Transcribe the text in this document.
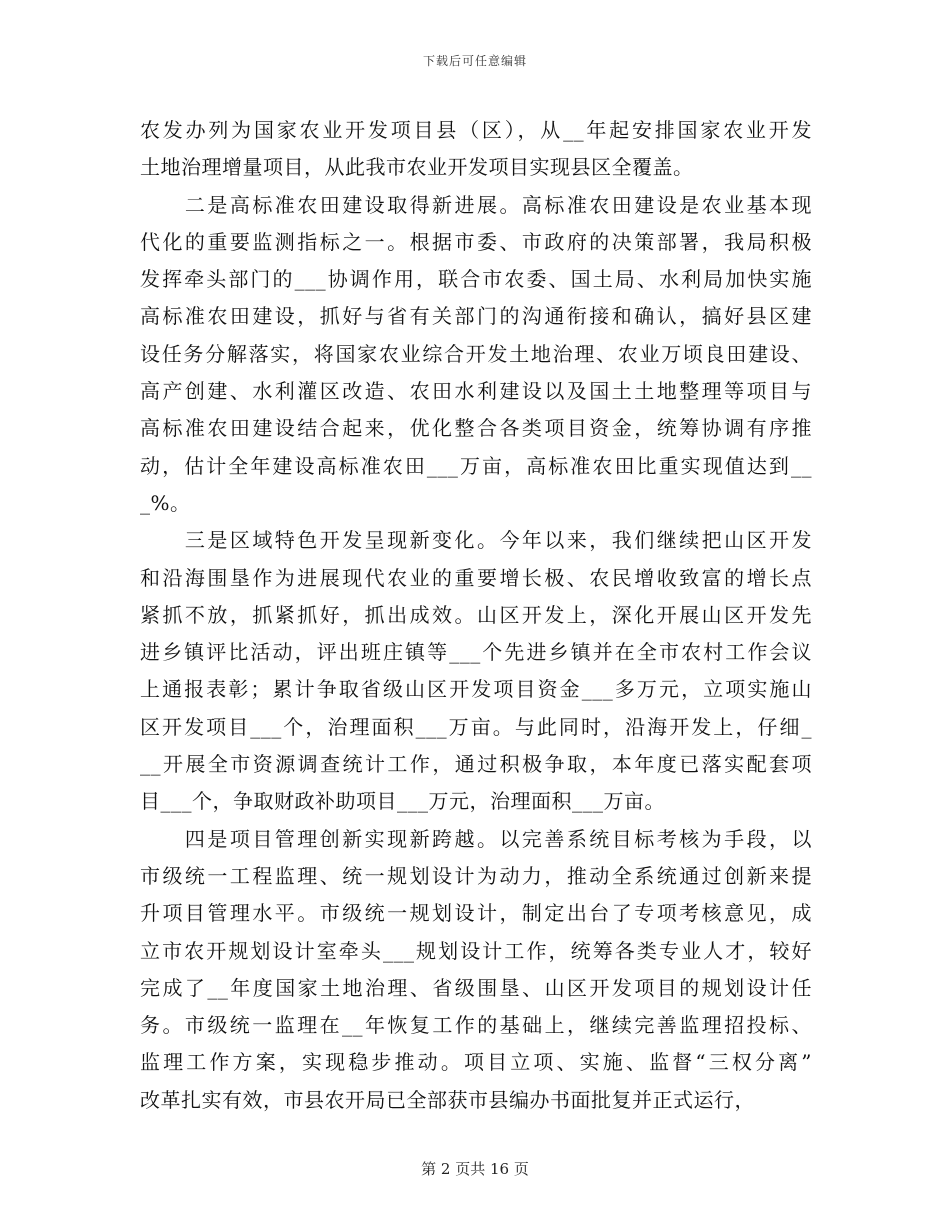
下载后可任意编辑
农发办列为国家农业开发项目县（区），从__年起安排国家农业开发
土地治理增量项目，从此我市农业开发项目实现县区全覆盖。
　　二是高标准农田建设取得新进展。高标准农田建设是农业基本现
代化的重要监测指标之一。根据市委、市政府的决策部署，我局积极
发挥牵头部门的___协调作用，联合市农委、国土局、水利局加快实施
高标准农田建设，抓好与省有关部门的沟通衔接和确认，搞好县区建
设任务分解落实，将国家农业综合开发土地治理、农业万顷良田建设、
高产创建、水利灌区改造、农田水利建设以及国土土地整理等项目与
高标准农田建设结合起来，优化整合各类项目资金，统筹协调有序推
动，估计全年建设高标准农田___万亩，高标准农田比重实现值达到__
_%。
　　三是区域特色开发呈现新变化。今年以来，我们继续把山区开发
和沿海围垦作为进展现代农业的重要增长极、农民增收致富的增长点
紧抓不放，抓紧抓好，抓出成效。山区开发上，深化开展山区开发先
进乡镇评比活动，评出班庄镇等___个先进乡镇并在全市农村工作会议
上通报表彰；累计争取省级山区开发项目资金___多万元，立项实施山
区开发项目___个，治理面积___万亩。与此同时，沿海开发上，仔细_
__开展全市资源调查统计工作，通过积极争取，本年度已落实配套项
目___个，争取财政补助项目___万元，治理面积___万亩。
　　四是项目管理创新实现新跨越。以完善系统目标考核为手段，以
市级统一工程监理、统一规划设计为动力，推动全系统通过创新来提
升项目管理水平。市级统一规划设计，制定出台了专项考核意见，成
立市农开规划设计室牵头___规划设计工作，统筹各类专业人才，较好
完成了__年度国家土地治理、省级围垦、山区开发项目的规划设计任
务。市级统一监理在__年恢复工作的基础上，继续完善监理招投标、
监理工作方案，实现稳步推动。项目立项、实施、监督“三权分离”
改革扎实有效，市县农开局已全部获市县编办书面批复并正式运行，
第 2 页共 16 页
